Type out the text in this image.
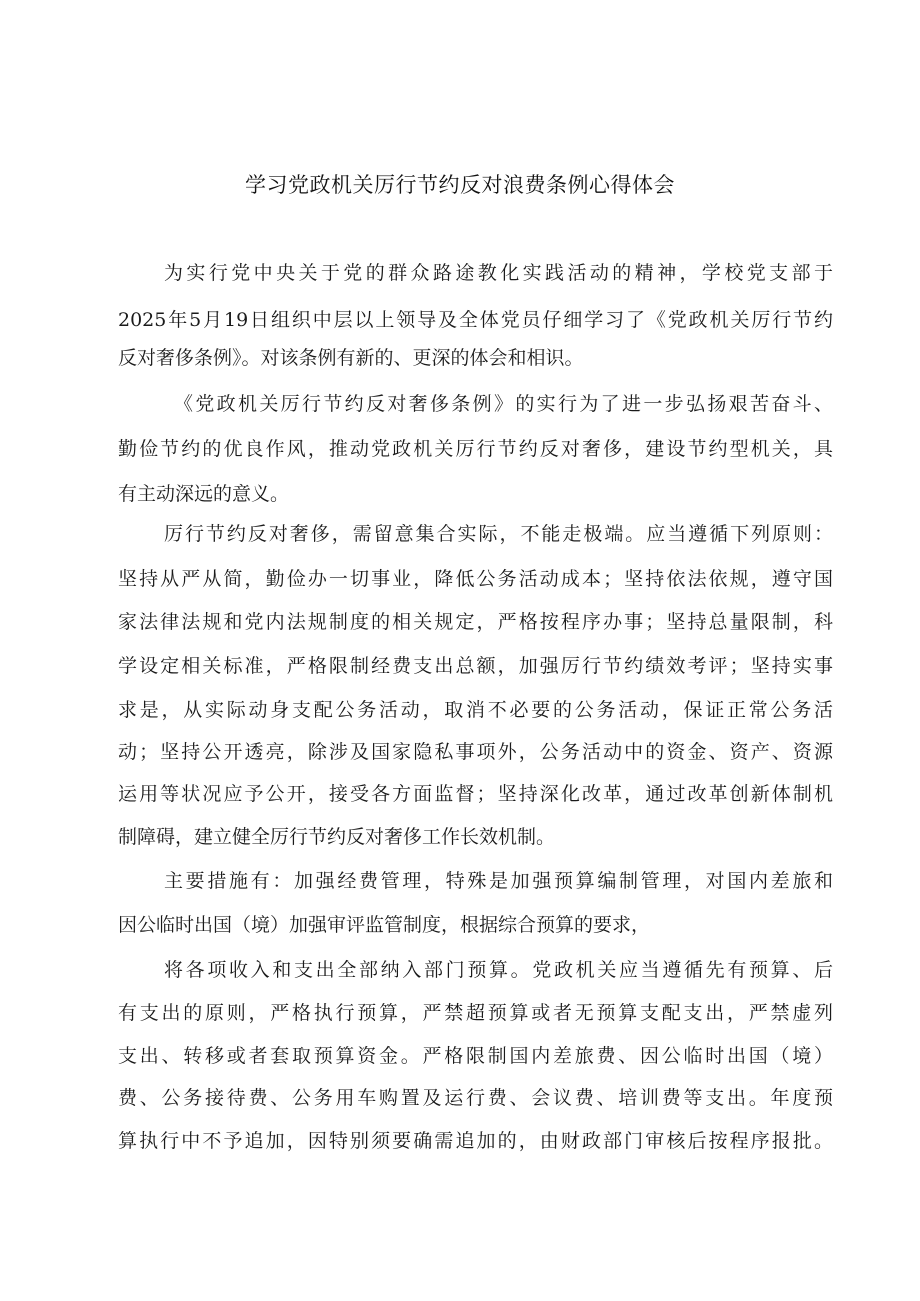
学习党政机关厉行节约反对浪费条例心得体会
为实行党中央关于党的群众路途教化实践活动的精神，学校党支部于
2025年5月19日组织中层以上领导及全体党员仔细学习了《党政机关厉行节约
反对奢侈条例》。对该条例有新的、更深的体会和相识。
《党政机关厉行节约反对奢侈条例》的实行为了进一步弘扬艰苦奋斗、
勤俭节约的优良作风，推动党政机关厉行节约反对奢侈，建设节约型机关，具
有主动深远的意义。
厉行节约反对奢侈，需留意集合实际，不能走极端。应当遵循下列原则：
坚持从严从简，勤俭办一切事业，降低公务活动成本；坚持依法依规，遵守国
家法律法规和党内法规制度的相关规定，严格按程序办事；坚持总量限制，科
学设定相关标准，严格限制经费支出总额，加强厉行节约绩效考评；坚持实事
求是，从实际动身支配公务活动，取消不必要的公务活动，保证正常公务活
动；坚持公开透亮，除涉及国家隐私事项外，公务活动中的资金、资产、资源
运用等状况应予公开，接受各方面监督；坚持深化改革，通过改革创新体制机
制障碍，建立健全厉行节约反对奢侈工作长效机制。
主要措施有：加强经费管理，特殊是加强预算编制管理，对国内差旅和
因公临时出国（境）加强审评监管制度，根据综合预算的要求，
将各项收入和支出全部纳入部门预算。党政机关应当遵循先有预算、后
有支出的原则，严格执行预算，严禁超预算或者无预算支配支出，严禁虚列
支出、转移或者套取预算资金。严格限制国内差旅费、因公临时出国（境）
费、公务接待费、公务用车购置及运行费、会议费、培训费等支出。年度预
算执行中不予追加，因特别须要确需追加的，由财政部门审核后按程序报批。
